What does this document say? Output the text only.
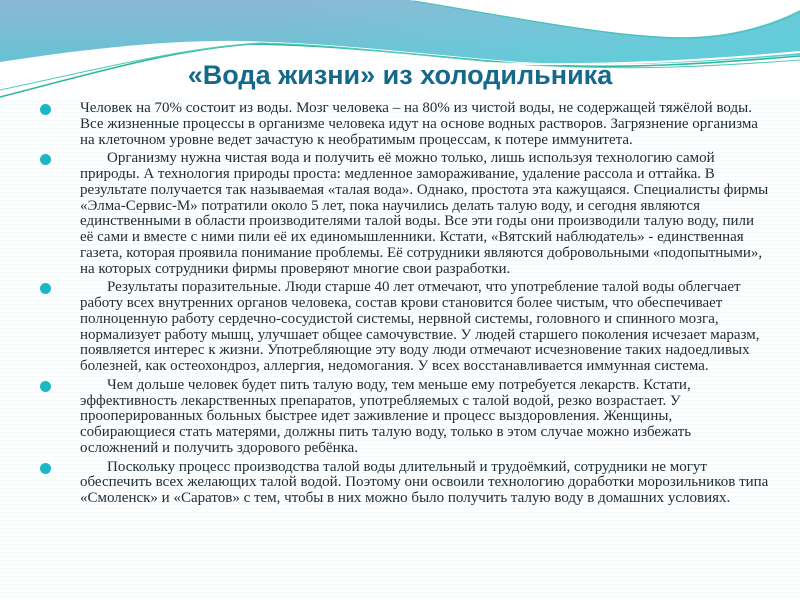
«Вода жизни» из холодильника
Человек на 70% состоит из воды. Мозг человека – на 80% из чистой воды, не содержащей тяжёлой воды. Все жизненные процессы в организме человека идут на основе водных растворов. Загрязнение организма на клеточном уровне ведет зачастую к необратимым процессам, к потере иммунитета.
Организму нужна чистая вода и получить её можно только, лишь используя технологию самой природы. А технология природы проста: медленное замораживание, удаление рассола и оттайка. В результате получается так называемая «талая вода». Однако, простота эта кажущаяся. Специалисты фирмы «Элма-Сервис-М» потратили около 5 лет, пока научились делать талую воду, и сегодня являются единственными в области производителями талой воды. Все эти годы они производили талую воду, пили её сами и вместе с ними пили её их единомышленники. Кстати, «Вятский наблюдатель» - единственная газета, которая проявила понимание проблемы. Её сотрудники являются добровольными «подопытными», на которых сотрудники фирмы проверяют многие свои разработки.
Результаты поразительные. Люди старше 40 лет отмечают, что употребление талой воды облегчает работу всех внутренних органов человека, состав крови становится более чистым, что обеспечивает полноценную работу сердечно-сосудистой системы, нервной системы, головного и спинного мозга, нормализует работу мышц, улучшает общее самочувствие. У людей старшего поколения исчезает маразм, появляется интерес к жизни. Употребляющие эту воду люди отмечают исчезновение таких надоедливых болезней, как остеохондроз, аллергия, недомогания. У всех восстанавливается иммунная система.
Чем дольше человек будет пить талую воду, тем меньше ему потребуется лекарств. Кстати, эффективность лекарственных препаратов, употребляемых с талой водой, резко возрастает. У прооперированных больных быстрее идет заживление и процесс выздоровления. Женщины, собирающиеся стать матерями, должны пить талую воду, только в этом случае можно избежать осложнений и получить здорового ребёнка.
Поскольку процесс производства талой воды длительный и трудоёмкий, сотрудники не могут обеспечить всех желающих талой водой. Поэтому они освоили технологию доработки морозильников типа «Смоленск» и «Саратов» с тем, чтобы в них можно было получить талую воду в домашних условиях.
